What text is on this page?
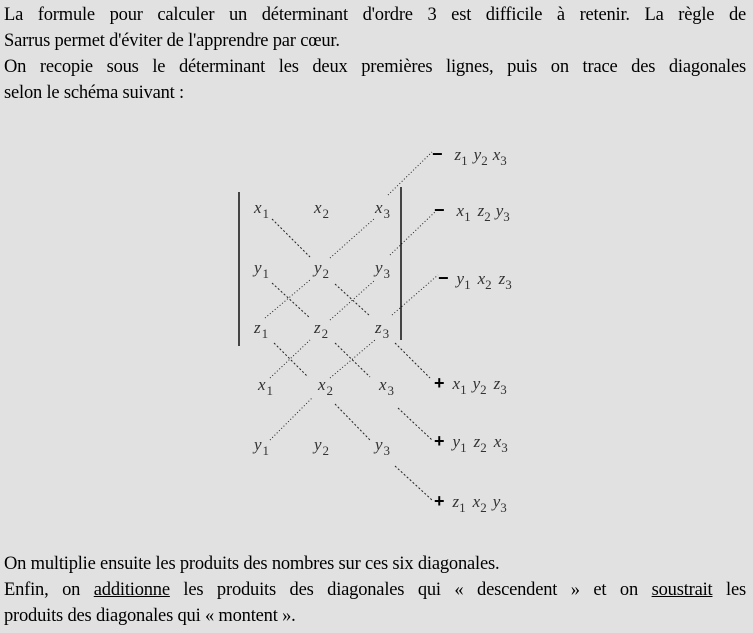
La formule pour calculer un déterminant d'ordre 3 est difficile à retenir. La règle de
Sarrus permet d'éviter de l'apprendre par cœur.
On recopie sous le déterminant les deux premières lignes, puis on trace des diagonales
selon le schéma suivant :
$x_1$	$x_2$	$x_3$
$y_1$	$y_2$	$y_3$
$z_1$	$z_2$	$z_3$
$x_1$	$x_2$	$x_3$
$y_1$	$y_2$	$y_3$
− $z_1$ $y_2$ $x_3$
− $x_1$ $z_2$ $y_3$
− $y_1$ $x_2$ $z_3$
+ $x_1$ $y_2$ $z_3$
+ $y_1$ $z_2$ $x_3$
+ $z_1$ $x_2$ $y_3$
On multiplie ensuite les produits des nombres sur ces six diagonales.
Enfin, on additionne les produits des diagonales qui « descendent » et on soustrait les
produits des diagonales qui « montent ».
